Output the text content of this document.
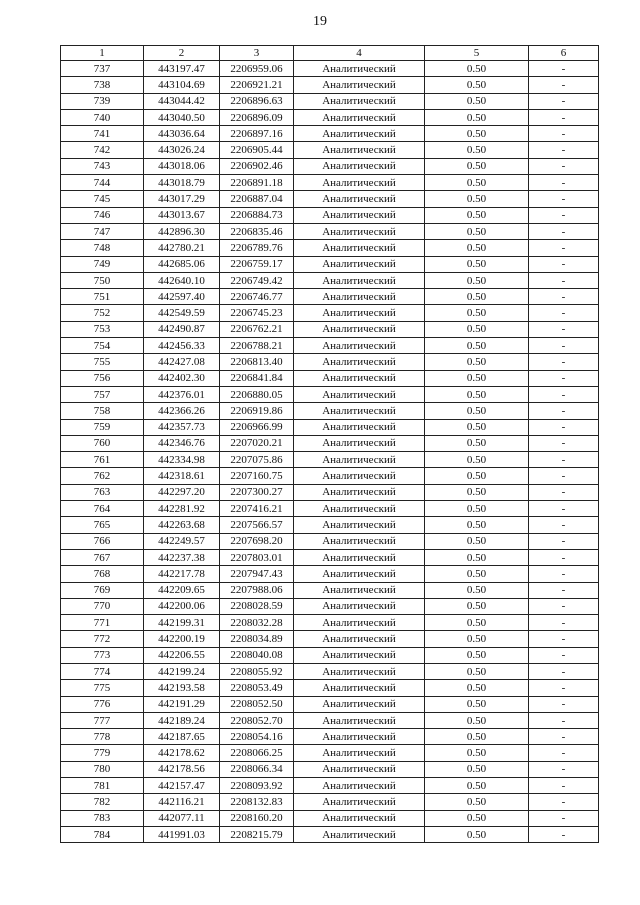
19
1	2	3	4	5	6
737	443197.47	2206959.06	Аналитический	0.50	-
738	443104.69	2206921.21	Аналитический	0.50	-
739	443044.42	2206896.63	Аналитический	0.50	-
740	443040.50	2206896.09	Аналитический	0.50	-
741	443036.64	2206897.16	Аналитический	0.50	-
742	443026.24	2206905.44	Аналитический	0.50	-
743	443018.06	2206902.46	Аналитический	0.50	-
744	443018.79	2206891.18	Аналитический	0.50	-
745	443017.29	2206887.04	Аналитический	0.50	-
746	443013.67	2206884.73	Аналитический	0.50	-
747	442896.30	2206835.46	Аналитический	0.50	-
748	442780.21	2206789.76	Аналитический	0.50	-
749	442685.06	2206759.17	Аналитический	0.50	-
750	442640.10	2206749.42	Аналитический	0.50	-
751	442597.40	2206746.77	Аналитический	0.50	-
752	442549.59	2206745.23	Аналитический	0.50	-
753	442490.87	2206762.21	Аналитический	0.50	-
754	442456.33	2206788.21	Аналитический	0.50	-
755	442427.08	2206813.40	Аналитический	0.50	-
756	442402.30	2206841.84	Аналитический	0.50	-
757	442376.01	2206880.05	Аналитический	0.50	-
758	442366.26	2206919.86	Аналитический	0.50	-
759	442357.73	2206966.99	Аналитический	0.50	-
760	442346.76	2207020.21	Аналитический	0.50	-
761	442334.98	2207075.86	Аналитический	0.50	-
762	442318.61	2207160.75	Аналитический	0.50	-
763	442297.20	2207300.27	Аналитический	0.50	-
764	442281.92	2207416.21	Аналитический	0.50	-
765	442263.68	2207566.57	Аналитический	0.50	-
766	442249.57	2207698.20	Аналитический	0.50	-
767	442237.38	2207803.01	Аналитический	0.50	-
768	442217.78	2207947.43	Аналитический	0.50	-
769	442209.65	2207988.06	Аналитический	0.50	-
770	442200.06	2208028.59	Аналитический	0.50	-
771	442199.31	2208032.28	Аналитический	0.50	-
772	442200.19	2208034.89	Аналитический	0.50	-
773	442206.55	2208040.08	Аналитический	0.50	-
774	442199.24	2208055.92	Аналитический	0.50	-
775	442193.58	2208053.49	Аналитический	0.50	-
776	442191.29	2208052.50	Аналитический	0.50	-
777	442189.24	2208052.70	Аналитический	0.50	-
778	442187.65	2208054.16	Аналитический	0.50	-
779	442178.62	2208066.25	Аналитический	0.50	-
780	442178.56	2208066.34	Аналитический	0.50	-
781	442157.47	2208093.92	Аналитический	0.50	-
782	442116.21	2208132.83	Аналитический	0.50	-
783	442077.11	2208160.20	Аналитический	0.50	-
784	441991.03	2208215.79	Аналитический	0.50	-
